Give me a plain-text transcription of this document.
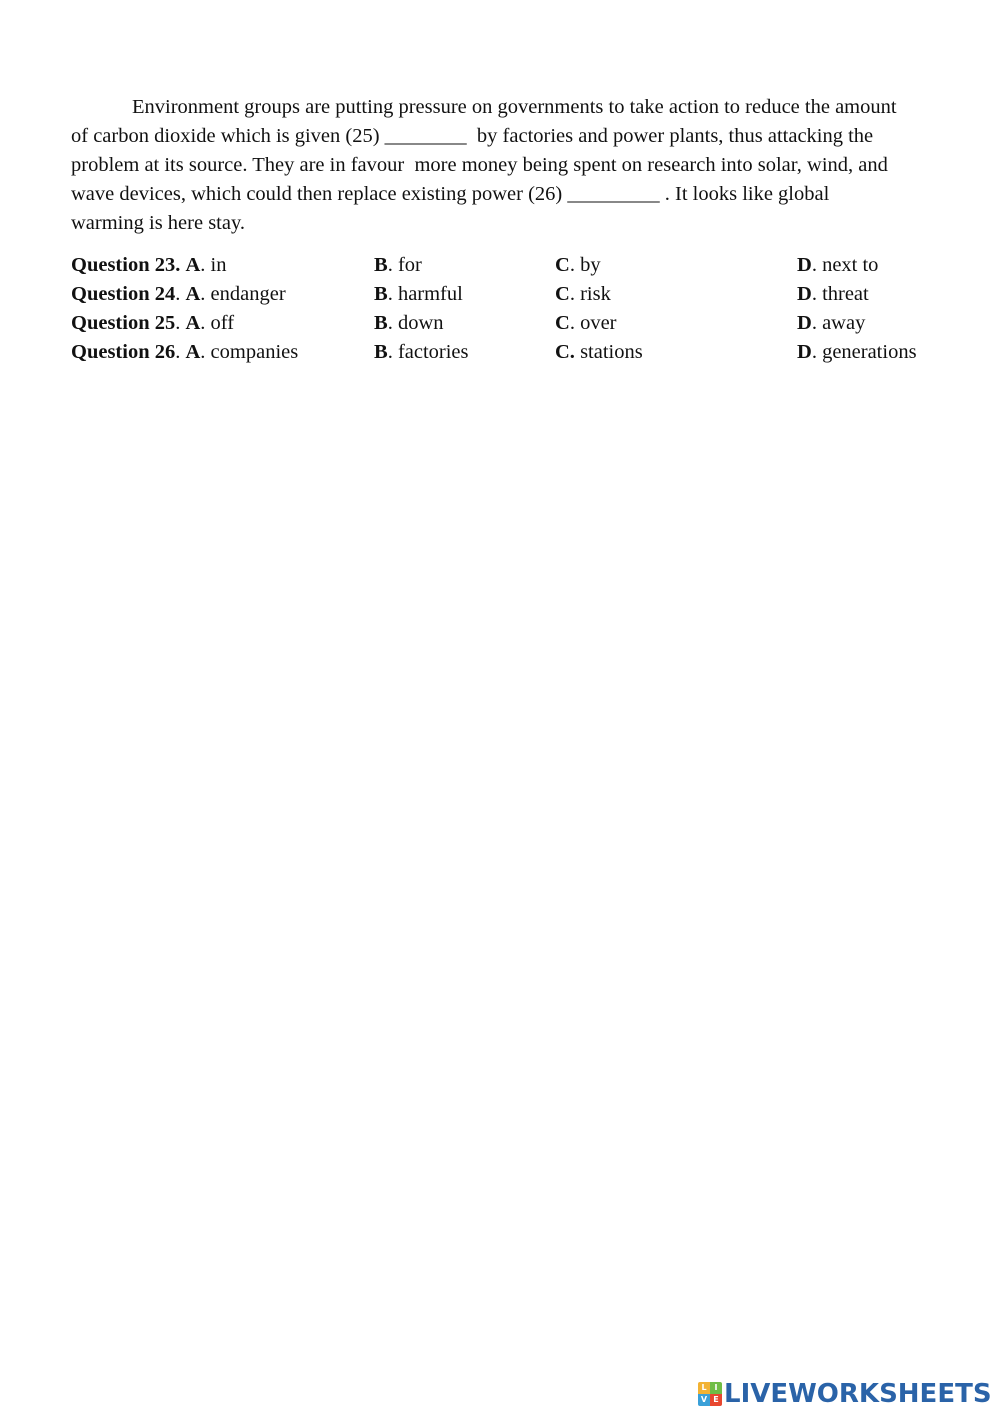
Environment groups are putting pressure on governments to take action to reduce the amount
of carbon dioxide which is given (25) ________  by factories and power plants, thus attacking the
problem at its source. They are in favour  more money being spent on research into solar, wind, and
wave devices, which could then replace existing power (26) _________ . It looks like global
warming is here stay.
Question 23. A. in	B. for	C. by	D. next to
Question 24. A. endanger	B. harmful	C. risk	D. threat
Question 25. A. off	B. down	C. over	D. away
Question 26. A. companies	B. factories	C. stations	D. generations
L I
V E LIVEWORKSHEETS
